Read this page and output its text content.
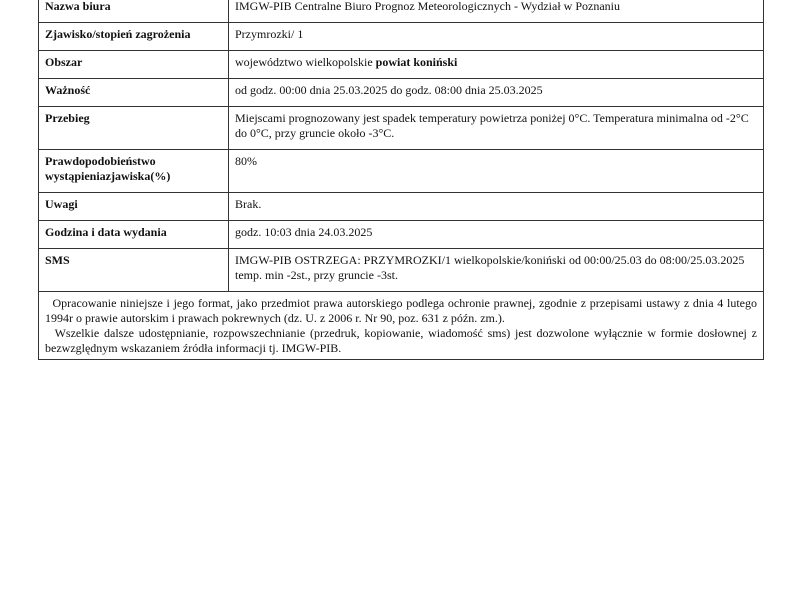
Nazwa biura	IMGW-PIB Centralne Biuro Prognoz Meteorologicznych - Wydział w Poznaniu
Zjawisko/stopień zagrożenia	Przymrozki/ 1
Obszar	województwo wielkopolskie powiat koniński
Ważność	od godz. 00:00 dnia 25.03.2025 do godz. 08:00 dnia 25.03.2025
Przebieg	Miejscami prognozowany jest spadek temperatury powietrza poniżej 0°C. Temperatura minimalna od -2°C do 0°C, przy gruncie około -3°C.
Prawdopodobieństwo wystąpieniazjawiska(%)	80%
Uwagi	Brak.
Godzina i data wydania	godz. 10:03 dnia 24.03.2025
SMS	IMGW-PIB OSTRZEGA: PRZYMROZKI/1 wielkopolskie/koniński od 00:00/25.03 do 08:00/25.03.2025 temp. min -2st., przy gruncie -3st.

Opracowanie niniejsze i jego format, jako przedmiot prawa autorskiego podlega ochronie prawnej, zgodnie z przepisami ustawy z dnia 4 lutego 1994r o prawie autorskim i prawach pokrewnych (dz. U. z 2006 r. Nr 90, poz. 631 z późn. zm.).

Wszelkie dalsze udostępnianie, rozpowszechnianie (przedruk, kopiowanie, wiadomość sms) jest dozwolone wyłącznie w formie dosłownej z bezwzględnym wskazaniem źródła informacji tj. IMGW-PIB.
